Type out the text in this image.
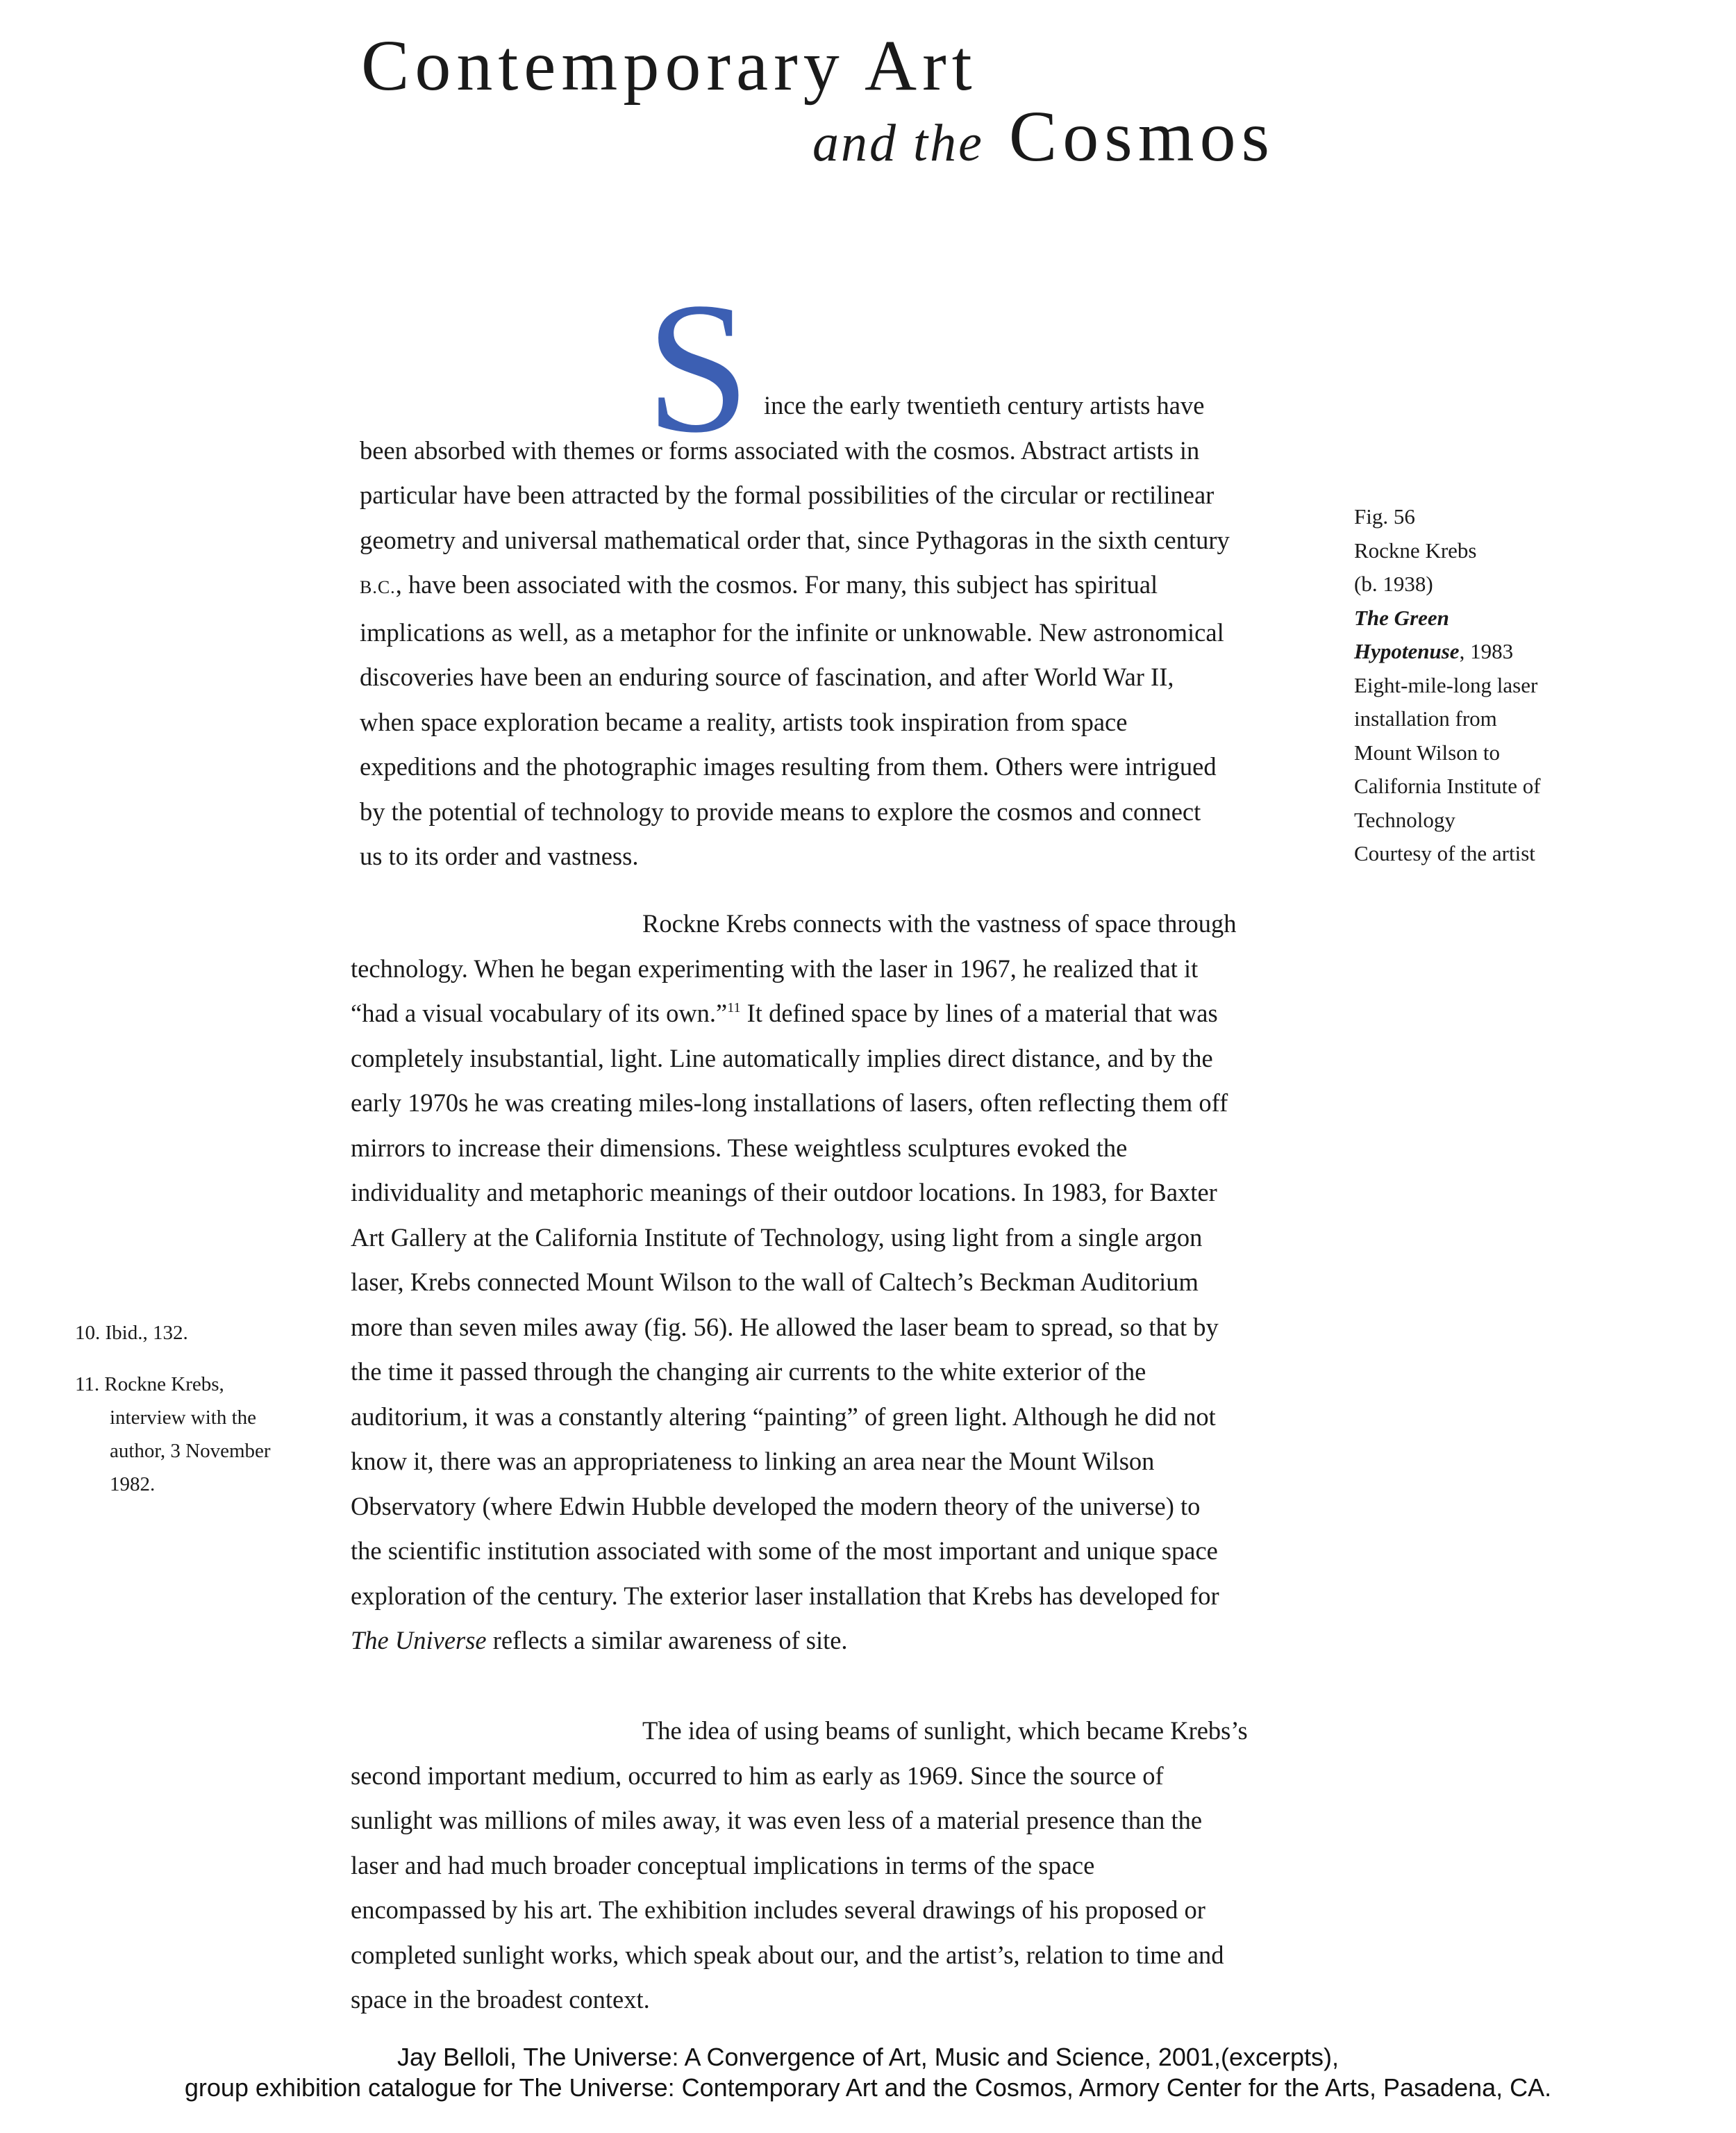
Contemporary Art
and the Cosmos
S ince the early twentieth century artists have

been absorbed with themes or forms associated with the cosmos. Abstract artists in

particular have been attracted by the formal possibilities of the circular or rectilinear

geometry and universal mathematical order that, since Pythagoras in the sixth century

B.C., have been associated with the cosmos. For many, this subject has spiritual

implications as well, as a metaphor for the infinite or unknowable. New astronomical

discoveries have been an enduring source of fascination, and after World War II,

when space exploration became a reality, artists took inspiration from space

expeditions and the photographic images resulting from them. Others were intrigued

by the potential of technology to provide means to explore the cosmos and connect

us to its order and vastness.

Fig. 56

Rockne Krebs

(b. 1938)

The Green

Hypotenuse, 1983

Eight-mile-long laser

installation from

Mount Wilson to

California Institute of

Technology

Courtesy of the artist

Rockne Krebs connects with the vastness of space through

technology. When he began experimenting with the laser in 1967, he realized that it

“had a visual vocabulary of its own.”$^{11}$ It defined space by lines of a material that was

completely insubstantial, light. Line automatically implies direct distance, and by the

early 1970s he was creating miles-long installations of lasers, often reflecting them off

mirrors to increase their dimensions. These weightless sculptures evoked the

individuality and metaphoric meanings of their outdoor locations. In 1983, for Baxter

Art Gallery at the California Institute of Technology, using light from a single argon

laser, Krebs connected Mount Wilson to the wall of Caltech’s Beckman Auditorium

more than seven miles away (fig. 56). He allowed the laser beam to spread, so that by

the time it passed through the changing air currents to the white exterior of the

auditorium, it was a constantly altering “painting” of green light. Although he did not

know it, there was an appropriateness to linking an area near the Mount Wilson

Observatory (where Edwin Hubble developed the modern theory of the universe) to

the scientific institution associated with some of the most important and unique space

exploration of the century. The exterior laser installation that Krebs has developed for

The Universe reflects a similar awareness of site.

10. Ibid., 132.

11. Rockne Krebs,

interview with the

author, 3 November

1982.

The idea of using beams of sunlight, which became Krebs’s

second important medium, occurred to him as early as 1969. Since the source of

sunlight was millions of miles away, it was even less of a material presence than the

laser and had much broader conceptual implications in terms of the space

encompassed by his art. The exhibition includes several drawings of his proposed or

completed sunlight works, which speak about our, and the artist’s, relation to time and

space in the broadest context.

Jay Belloli, The Universe: A Convergence of Art, Music and Science, 2001,(excerpts),

group exhibition catalogue for The Universe: Contemporary Art and the Cosmos, Armory Center for the Arts, Pasadena, CA.
